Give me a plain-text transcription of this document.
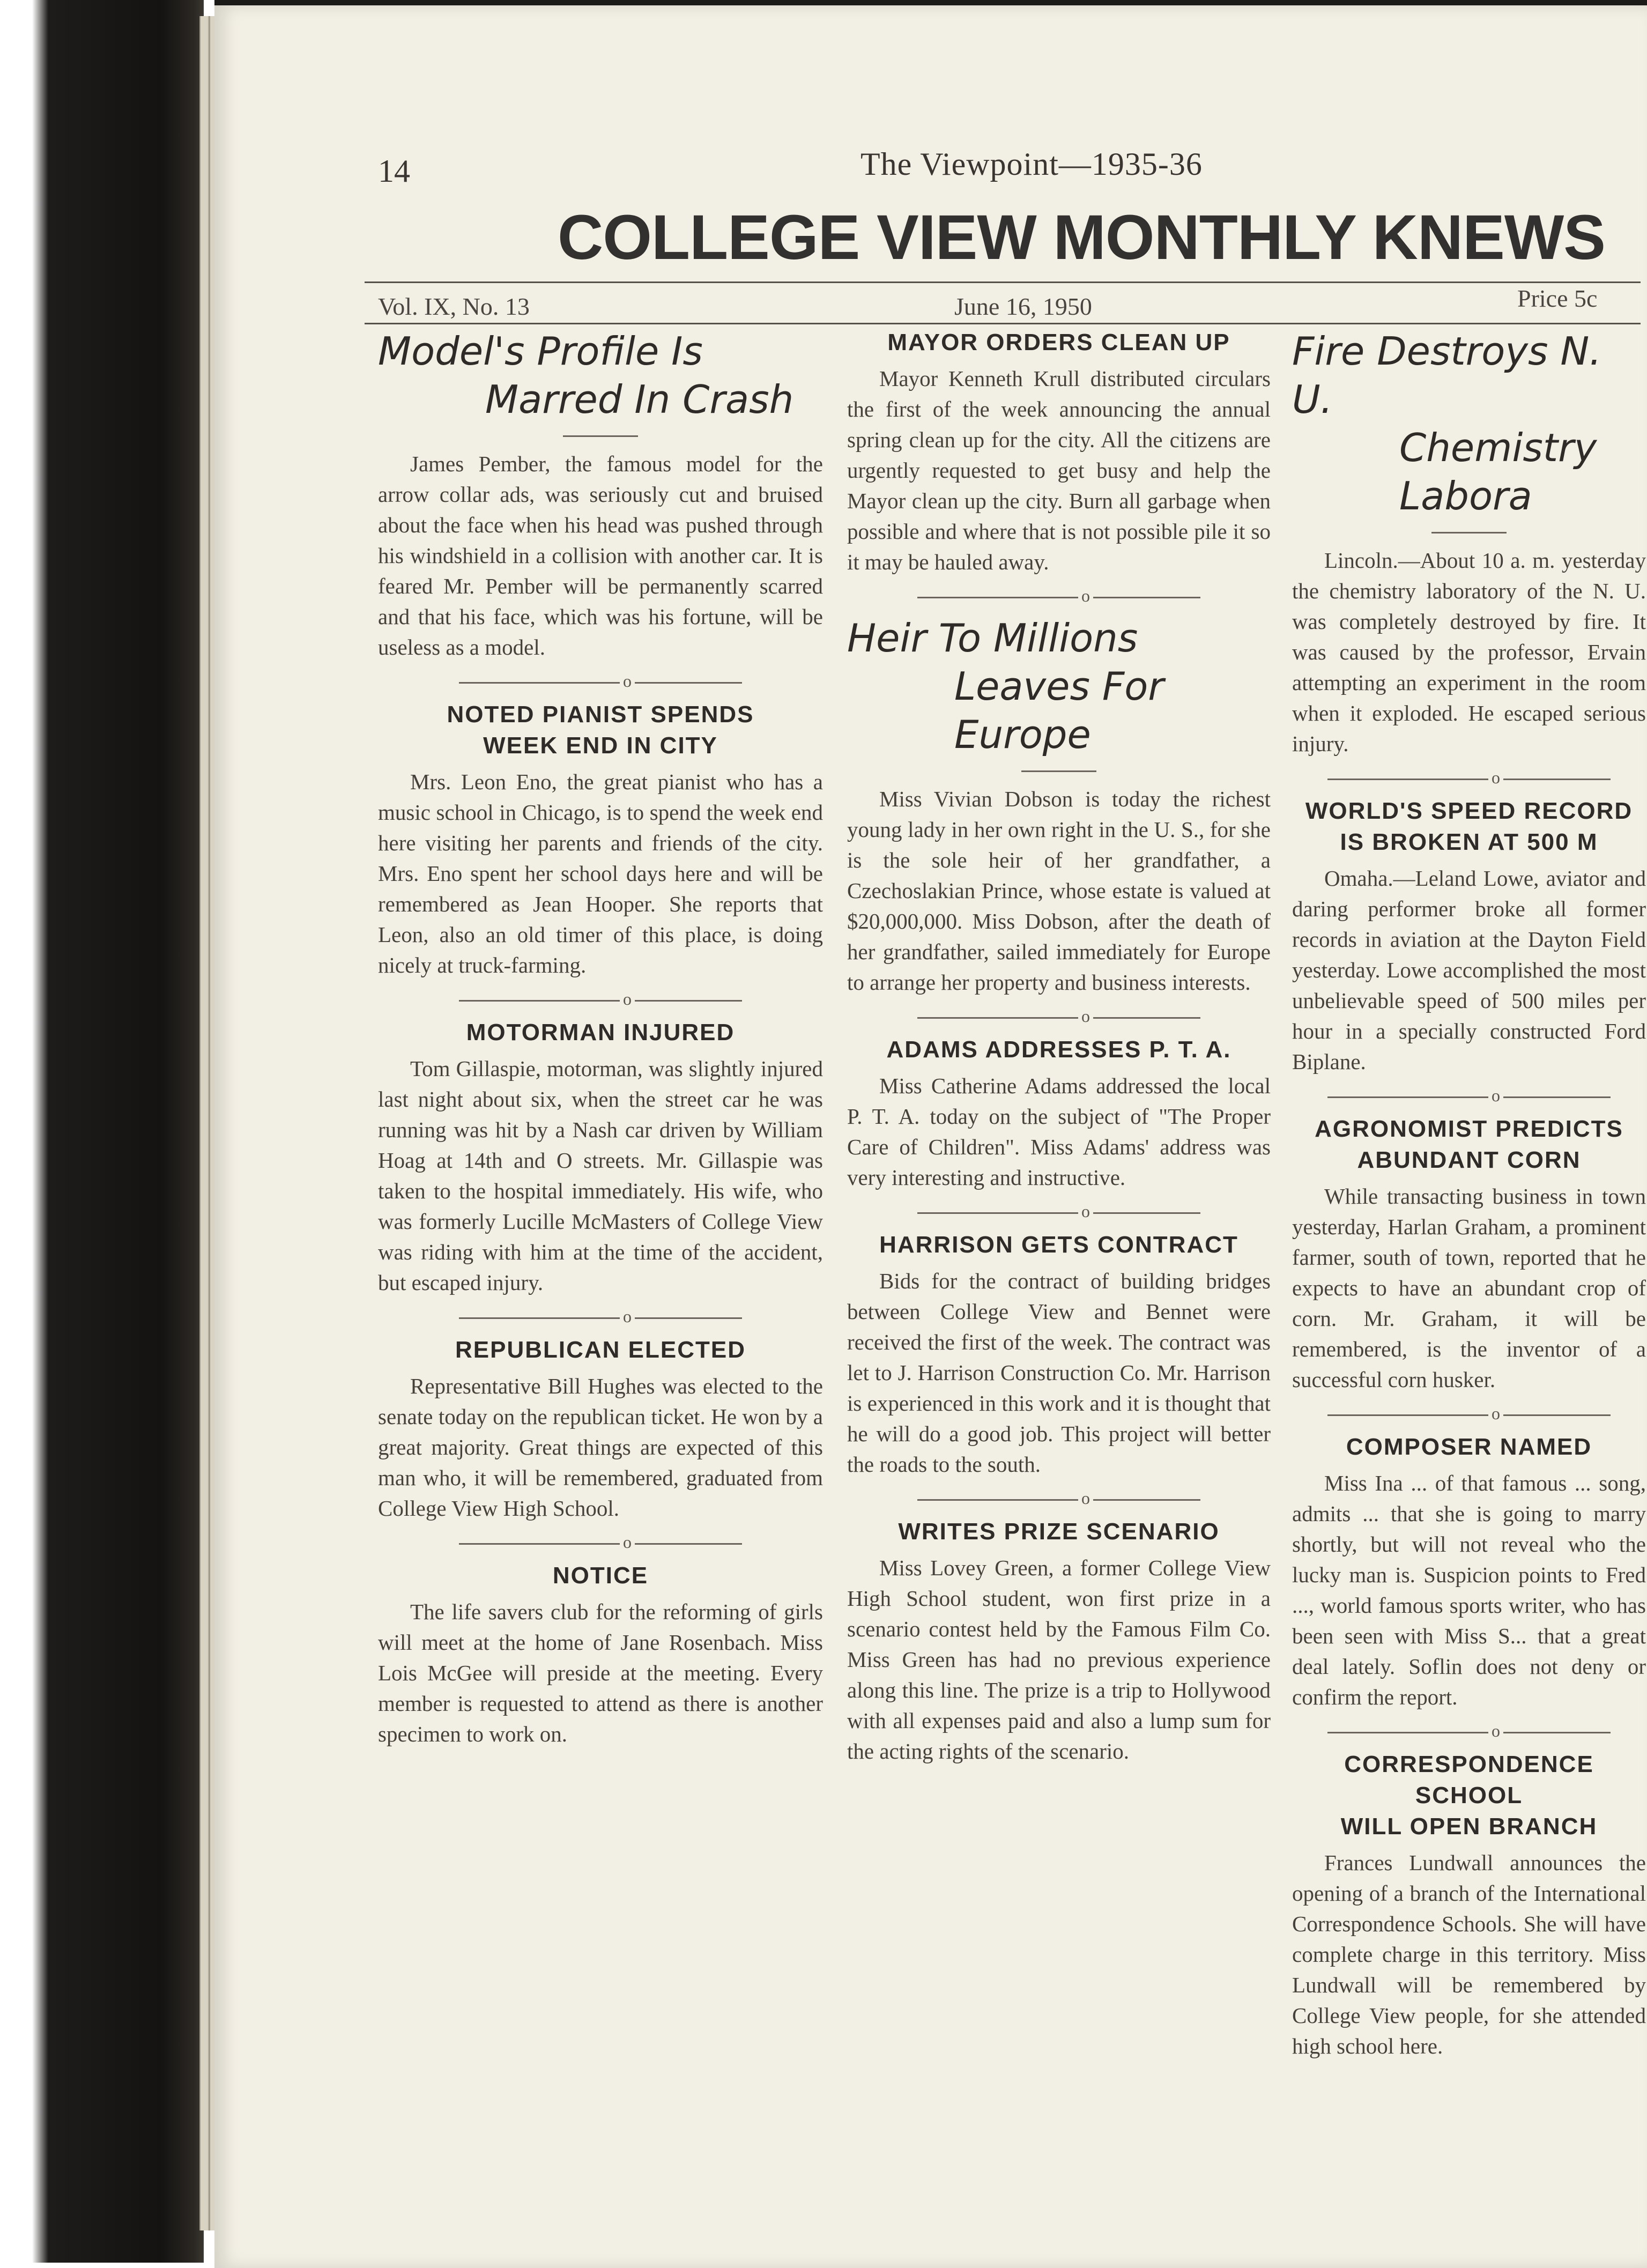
14	The Viewpoint—1935-36
COLLEGE VIEW MONTHLY KNEWS
Vol. IX, No. 13	June 16, 1950	Price 5c
Model's Profile Is
Marred In Crash

James Pember, the famous model for the arrow collar ads, was seriously cut and bruised about the face when his head was pushed through his windshield in a collision with another car. It is feared Mr. Pember will be permanently scarred and that his face, which was his fortune, will be useless as a model.

o
NOTED PIANIST SPENDS
WEEK END IN CITY

Mrs. Leon Eno, the great pianist who has a music school in Chicago, is to spend the week end here visiting her parents and friends of the city. Mrs. Eno spent her school days here and will be remembered as Jean Hooper. She reports that Leon, also an old timer of this place, is doing nicely at truck-farming.

o
MOTORMAN INJURED

Tom Gillaspie, motorman, was slightly injured last night about six, when the street car he was running was hit by a Nash car driven by William Hoag at 14th and O streets. Mr. Gillaspie was taken to the hospital immediately. His wife, who was formerly Lucille McMasters of College View was riding with him at the time of the accident, but escaped injury.

o
REPUBLICAN ELECTED

Representative Bill Hughes was elected to the senate today on the republican ticket. He won by a great majority. Great things are expected of this man who, it will be remembered, graduated from College View High School.

o
NOTICE

The life savers club for the reforming of girls will meet at the home of Jane Rosenbach. Miss Lois McGee will preside at the meeting. Every member is requested to attend as there is another specimen to work on.

MAYOR ORDERS CLEAN UP

Mayor Kenneth Krull distributed circulars the first of the week announcing the annual spring clean up for the city. All the citizens are urgently requested to get busy and help the Mayor clean up the city. Burn all garbage when possible and where that is not possible pile it so it may be hauled away.

o
Heir To Millions
Leaves For Europe

Miss Vivian Dobson is today the richest young lady in her own right in the U. S., for she is the sole heir of her grandfather, a Czechoslakian Prince, whose estate is valued at $20,000,000. Miss Dobson, after the death of her grandfather, sailed immediately for Europe to arrange her property and business interests.

o
ADAMS ADDRESSES P. T. A.

Miss Catherine Adams addressed the local P. T. A. today on the subject of "The Proper Care of Children". Miss Adams' address was very interesting and instructive.

o
HARRISON GETS CONTRACT

Bids for the contract of building bridges between College View and Bennet were received the first of the week. The contract was let to J. Harrison Construction Co. Mr. Harrison is experienced in this work and it is thought that he will do a good job. This project will better the roads to the south.

o
WRITES PRIZE SCENARIO

Miss Lovey Green, a former College View High School student, won first prize in a scenario contest held by the Famous Film Co. Miss Green has had no previous experience along this line. The prize is a trip to Hollywood with all expenses paid and also a lump sum for the acting rights of the scenario.

Fire Destroys N. U.
Chemistry Labora

Lincoln.—About 10 a. m. yesterday the chemistry laboratory of the N. U. was completely destroyed by fire. It was caused by the professor, Ervain attempting an experiment in the room when it exploded. He escaped serious injury.

o
WORLD'S SPEED RECORD
IS BROKEN AT 500 M

Omaha.—Leland Lowe, aviator and daring performer broke all former records in aviation at the Dayton Field yesterday. Lowe accomplished the most unbelievable speed of 500 miles per hour in a specially constructed Ford Biplane.

o
AGRONOMIST PREDICTS
ABUNDANT CORN

While transacting business in town yesterday, Harlan Graham, a prominent farmer, south of town, reported that he expects to have an abundant crop of corn. Mr. Graham, it will be remembered, is the inventor of a successful corn husker.

o
COMPOSER NAMED

Miss Ina ... of that famous ... song, admits ... that she is going to marry shortly, but will not reveal who the lucky man is. Suspicion points to Fred ..., world famous sports writer, who has been seen with Miss S... that a great deal lately. Soflin does not deny or confirm the report.

o
CORRESPONDENCE SCHOOL
WILL OPEN BRANCH

Frances Lundwall announces the opening of a branch of the International Correspondence Schools. She will have complete charge in this territory. Miss Lundwall will be remembered by College View people, for she attended high school here.
